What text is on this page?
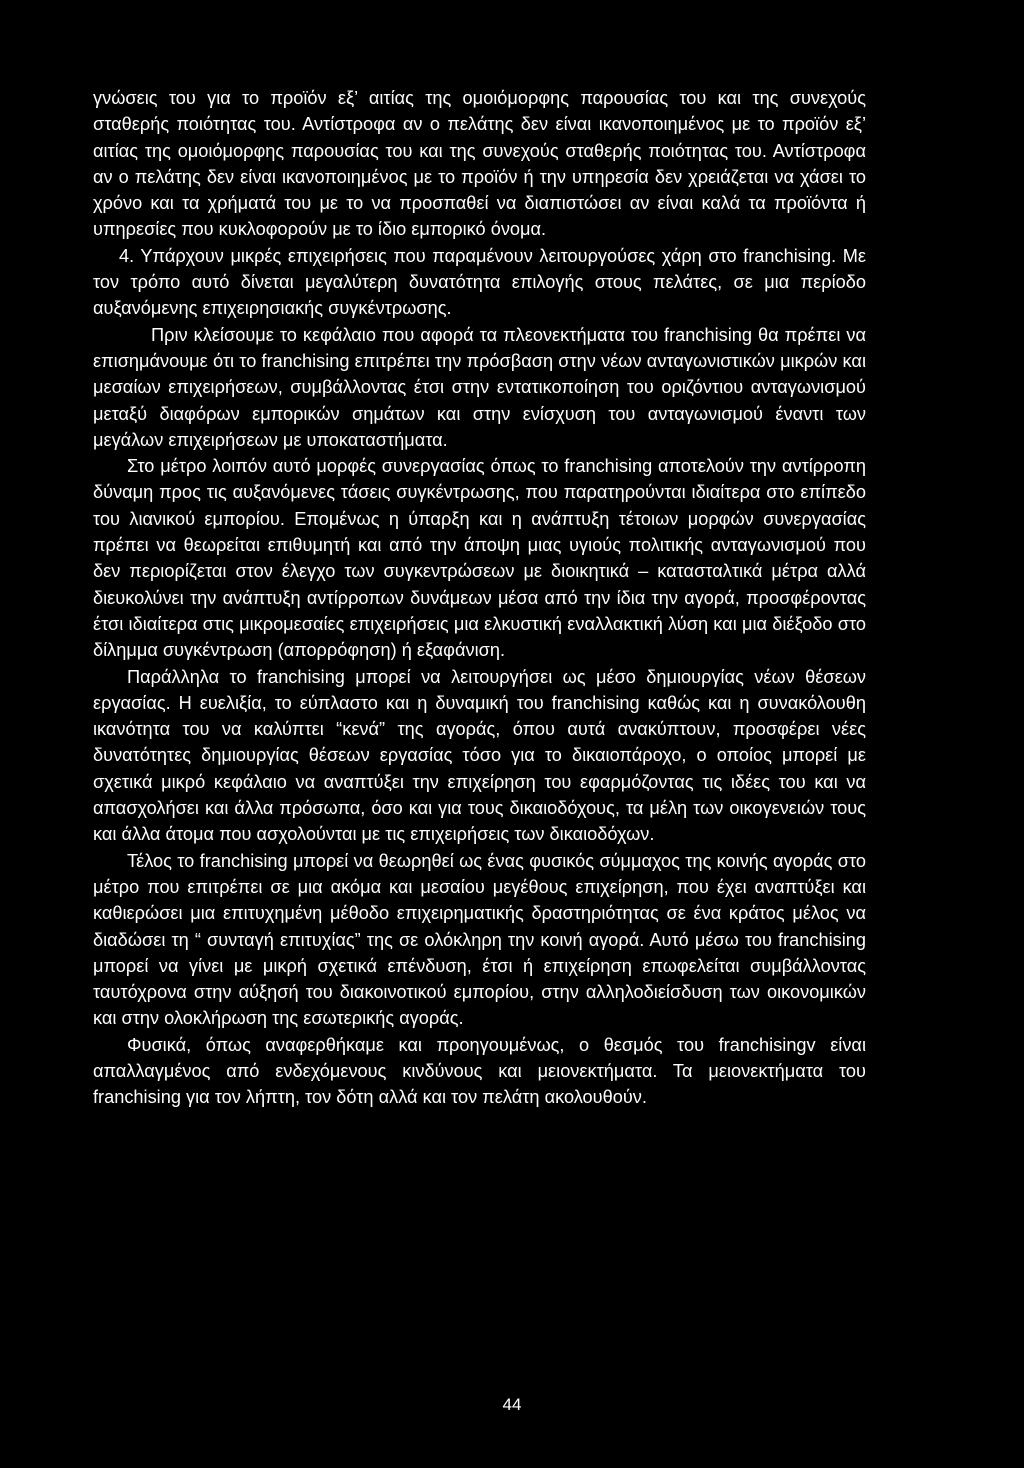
γνώσεις του για το προϊόν εξ’ αιτίας της ομοιόμορφης παρουσίας του και της συνεχούς σταθερής ποιότητας του. Αντίστροφα αν ο πελάτης δεν είναι ικανοποιημένος με το προϊόν εξ’ αιτίας της ομοιόμορφης παρουσίας του και της συνεχούς σταθερής ποιότητας του. Αντίστροφα αν ο πελάτης δεν είναι ικανοποιημένος με το προϊόν ή την υπηρεσία δεν χρειάζεται να χάσει το χρόνο και τα χρήματά του με το να προσπαθεί να διαπιστώσει αν είναι καλά τα προϊόντα ή υπηρεσίες που κυκλοφορούν με το ίδιο εμπορικό όνομα.

4. Υπάρχουν μικρές επιχειρήσεις που παραμένουν λειτουργούσες χάρη στο franchising. Με τον τρόπο αυτό δίνεται μεγαλύτερη δυνατότητα επιλογής στους πελάτες, σε μια περίοδο αυξανόμενης επιχειρησιακής συγκέντρωσης.

Πριν κλείσουμε το κεφάλαιο που αφορά τα πλεονεκτήματα του franchising θα πρέπει να επισημάνουμε ότι το franchising επιτρέπει την πρόσβαση στην νέων ανταγωνιστικών μικρών και μεσαίων επιχειρήσεων, συμβάλλοντας έτσι στην εντατικοποίηση του οριζόντιου ανταγωνισμού μεταξύ διαφόρων εμπορικών σημάτων και στην ενίσχυση του ανταγωνισμού έναντι των μεγάλων επιχειρήσεων με υποκαταστήματα.

Στο μέτρο λοιπόν αυτό μορφές συνεργασίας όπως το franchising αποτελούν την αντίρροπη δύναμη προς τις αυξανόμενες τάσεις συγκέντρωσης, που παρατηρούνται ιδιαίτερα στο επίπεδο του λιανικού εμπορίου. Επομένως η ύπαρξη και η ανάπτυξη τέτοιων μορφών συνεργασίας πρέπει να θεωρείται επιθυμητή και από την άποψη μιας υγιούς πολιτικής ανταγωνισμού που δεν περιορίζεται στον έλεγχο των συγκεντρώσεων με διοικητικά – κατασταλτικά μέτρα αλλά διευκολύνει την ανάπτυξη αντίρροπων δυνάμεων μέσα από την ίδια την αγορά, προσφέροντας έτσι ιδιαίτερα στις μικρομεσαίες επιχειρήσεις μια ελκυστική εναλλακτική λύση και μια διέξοδο στο δίλημμα συγκέντρωση (απορρόφηση) ή εξαφάνιση.

Παράλληλα το franchising μπορεί να λειτουργήσει ως μέσο δημιουργίας νέων θέσεων εργασίας. Η ευελιξία, το εύπλαστο και η δυναμική του franchising καθώς και η συνακόλουθη ικανότητα του να καλύπτει “κενά” της αγοράς, όπου αυτά ανακύπτουν, προσφέρει νέες δυνατότητες δημιουργίας θέσεων εργασίας τόσο για το δικαιοπάροχο, ο οποίος μπορεί με σχετικά μικρό κεφάλαιο να αναπτύξει την επιχείρηση του εφαρμόζοντας τις ιδέες του και να απασχολήσει και άλλα πρόσωπα, όσο και για τους δικαιοδόχους, τα μέλη των οικογενειών τους και άλλα άτομα που ασχολούνται με τις επιχειρήσεις των δικαιοδόχων.

Τέλος το franchising μπορεί να θεωρηθεί ως ένας φυσικός σύμμαχος της κοινής αγοράς στο μέτρο που επιτρέπει σε μια ακόμα και μεσαίου μεγέθους επιχείρηση, που έχει αναπτύξει και καθιερώσει μια επιτυχημένη μέθοδο επιχειρηματικής δραστηριότητας σε ένα κράτος μέλος να διαδώσει τη “ συνταγή επιτυχίας” της σε ολόκληρη την κοινή αγορά. Αυτό μέσω του franchising μπορεί να γίνει με μικρή σχετικά επένδυση, έτσι ή επιχείρηση επωφελείται συμβάλλοντας ταυτόχρονα στην αύξησή του διακοινοτικού εμπορίου, στην αλληλοδιείσδυση των οικονομικών και στην ολοκλήρωση της εσωτερικής αγοράς.

Φυσικά, όπως αναφερθήκαμε και προηγουμένως, ο θεσμός του franchisingv είναι απαλλαγμένος από ενδεχόμενους κινδύνους και μειονεκτήματα. Τα μειονεκτήματα του franchising για τον λήπτη, τον δότη αλλά και τον πελάτη ακολουθούν.

44
